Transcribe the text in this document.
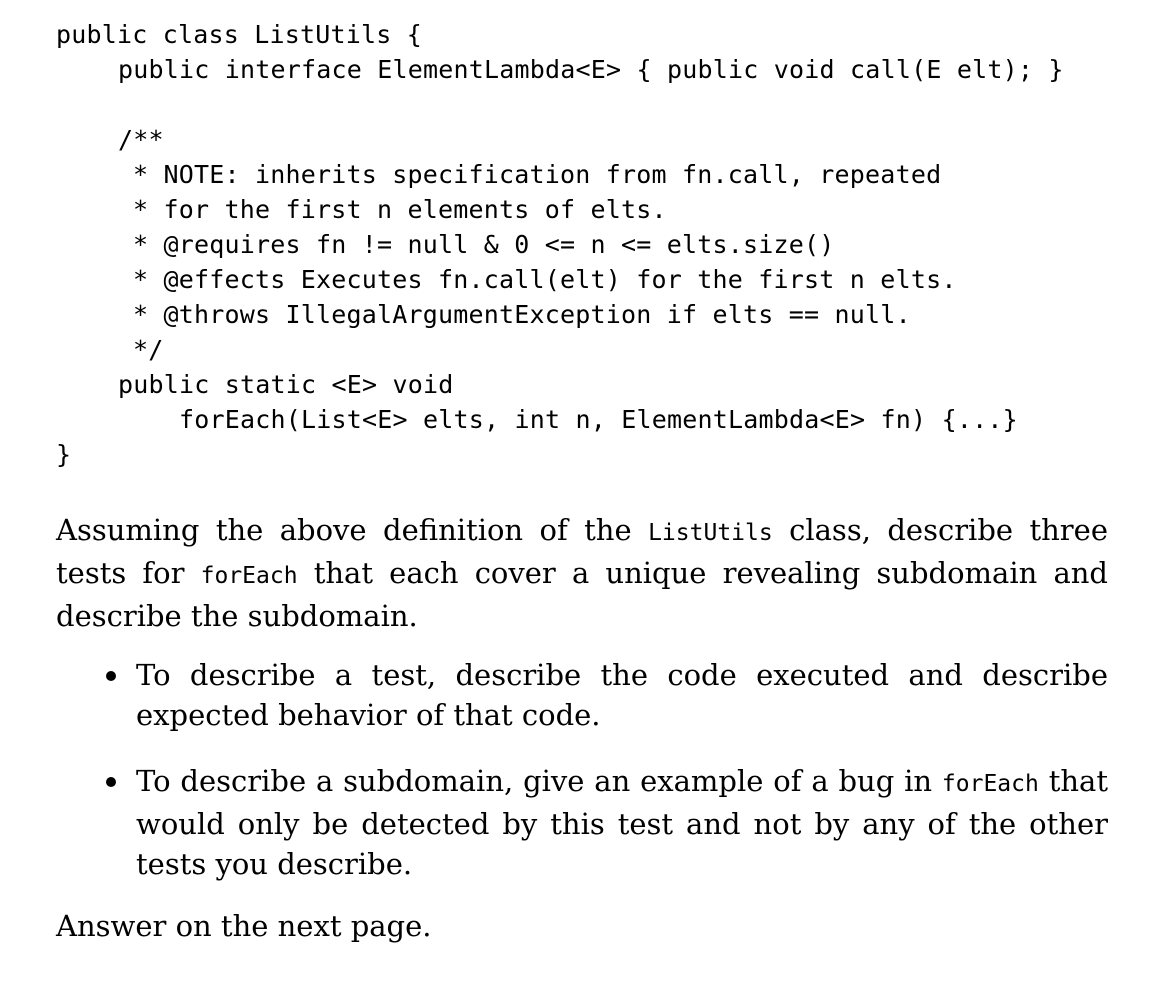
public class ListUtils {
public interface ElementLambda<E> { public void call(E elt); }
/**
* NOTE: inherits specification from fn.call, repeated
* for the first n elements of elts.
* @requires fn != null & 0 <= n <= elts.size()
* @effects Executes fn.call(elt) for the first n elts.
* @throws IllegalArgumentException if elts == null.
*/
public static <E> void
forEach(List<E> elts, int n, ElementLambda<E> fn) {...}
}
Assuming the above definition of the ListUtils class, describe three tests for forEach that each cover a unique revealing subdomain and describe the subdomain.
To describe a test, describe the code executed and describe expected behavior of that code.
To describe a subdomain, give an example of a bug in forEach that would only be detected by this test and not by any of the other tests you describe.
Answer on the next page.
